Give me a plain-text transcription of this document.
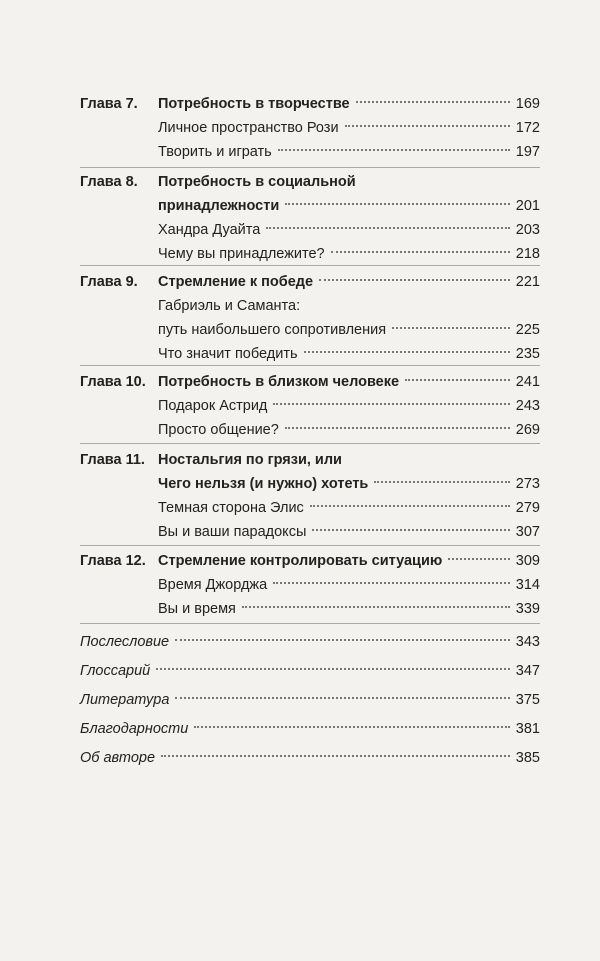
Глава 7. Потребность в творчестве	169
Личное пространство Рози	172
Творить и играть	197
Глава 8. Потребность в социальной
принадлежности	201
Хандра Дуайта	203
Чему вы принадлежите?	218
Глава 9. Стремление к победе	221
Габриэль и Саманта:
путь наибольшего сопротивления	225
Что значит победить	235
Глава 10. Потребность в близком человеке	241
Подарок Астрид	243
Просто общение?	269
Глава 11. Ностальгия по грязи, или
Чего нельзя (и нужно) хотеть	273
Темная сторона Элис	279
Вы и ваши парадоксы	307
Глава 12. Стремление контролировать ситуацию	309
Время Джорджа	314
Вы и время	339
Послесловие	343
Глоссарий	347
Литература	375
Благодарности	381
Об авторе	385
